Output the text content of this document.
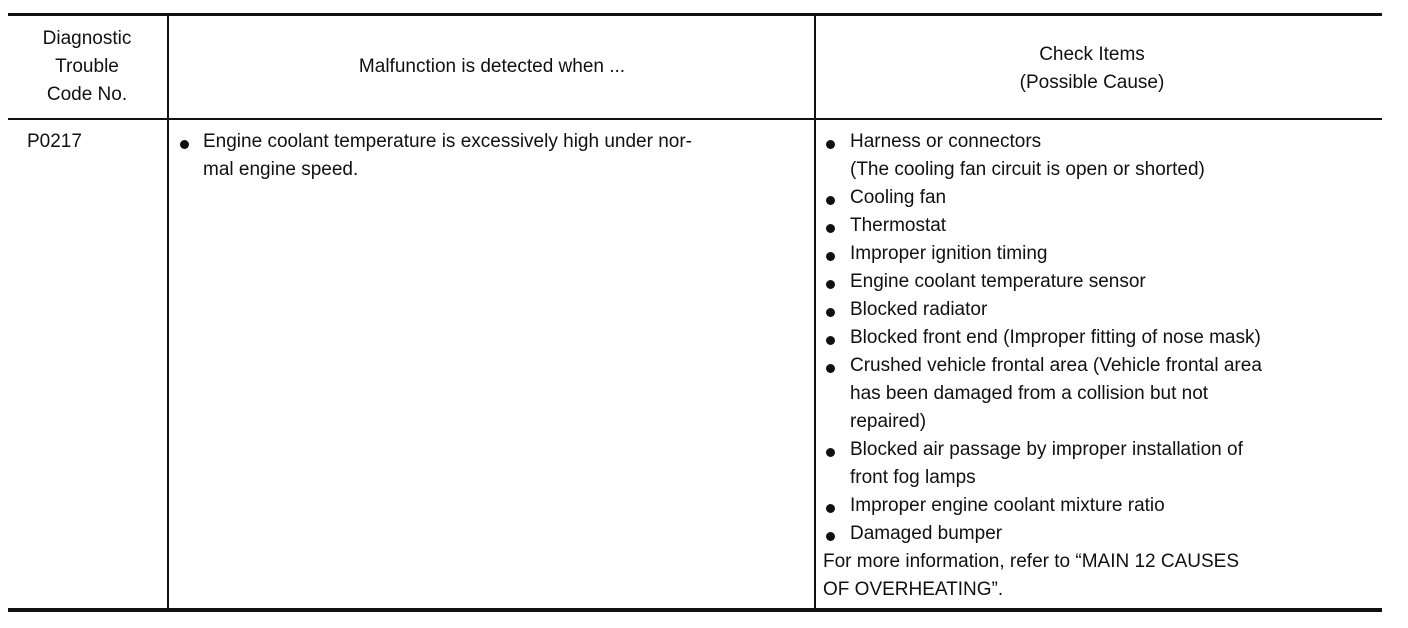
Diagnostic
Trouble
Code No.
Malfunction is detected when ...
Check Items
(Possible Cause)
P0217	Engine coolant temperature is excessively high under nor-
mal engine speed.
Harness or connectors
(The cooling fan circuit is open or shorted)
Cooling fan
Thermostat
Improper ignition timing
Engine coolant temperature sensor
Blocked radiator
Blocked front end (Improper fitting of nose mask)
Crushed vehicle frontal area (Vehicle frontal area
has been damaged from a collision but not
repaired)
Blocked air passage by improper installation of
front fog lamps
Improper engine coolant mixture ratio
Damaged bumper
For more information, refer to “MAIN 12 CAUSES
OF OVERHEATING”.
